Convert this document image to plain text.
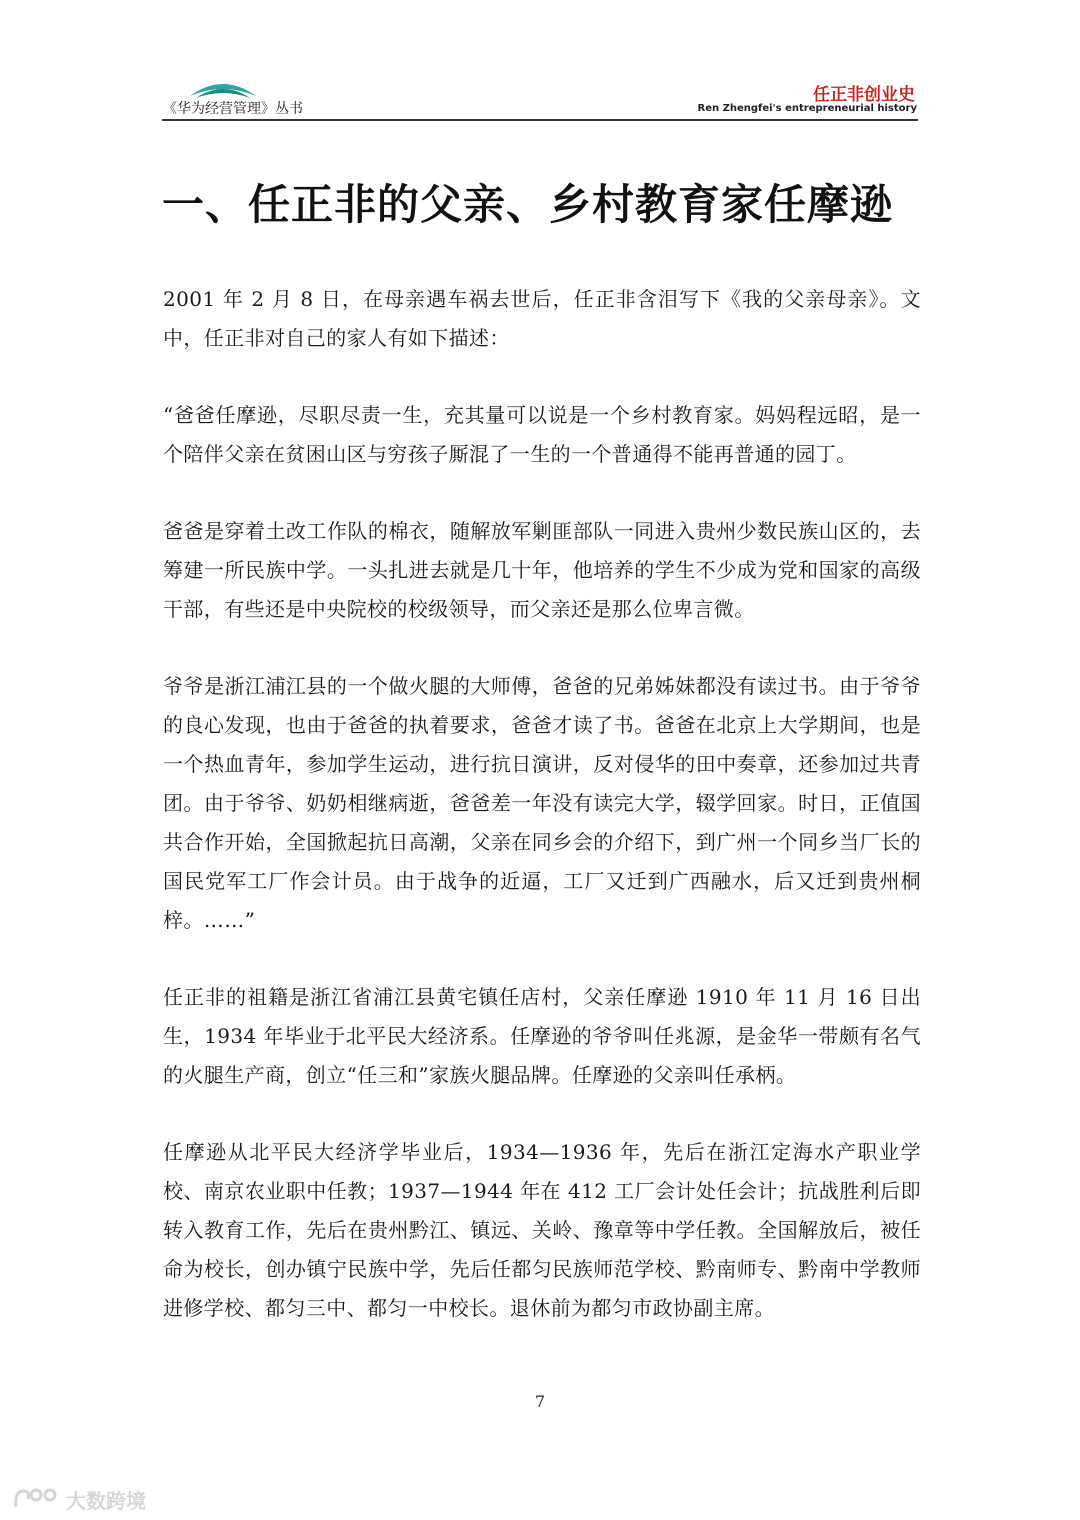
《华为经营管理》丛书
任正非创业史
Ren Zhengfei's entrepreneurial history
一、任正非的父亲、乡村教育家任摩逊

2001 年 2 月 8 日，在母亲遇车祸去世后，任正非含泪写下《我的父亲母亲》。文中，任正非对自己的家人有如下描述：

“爸爸任摩逊，尽职尽责一生，充其量可以说是一个乡村教育家。妈妈程远昭，是一个陪伴父亲在贫困山区与穷孩子厮混了一生的一个普通得不能再普通的园丁。

爸爸是穿着土改工作队的棉衣，随解放军剿匪部队一同进入贵州少数民族山区的，去筹建一所民族中学。一头扎进去就是几十年，他培养的学生不少成为党和国家的高级干部，有些还是中央院校的校级领导，而父亲还是那么位卑言微。

爷爷是浙江浦江县的一个做火腿的大师傅，爸爸的兄弟姊妹都没有读过书。由于爷爷的良心发现，也由于爸爸的执着要求，爸爸才读了书。爸爸在北京上大学期间，也是一个热血青年，参加学生运动，进行抗日演讲，反对侵华的田中奏章，还参加过共青团。由于爷爷、奶奶相继病逝，爸爸差一年没有读完大学，辍学回家。时日，正值国共合作开始，全国掀起抗日高潮，父亲在同乡会的介绍下，到广州一个同乡当厂长的国民党军工厂作会计员。由于战争的近逼，工厂又迁到广西融水，后又迁到贵州桐梓。……”

任正非的祖籍是浙江省浦江县黄宅镇任店村，父亲任摩逊 1910 年 11 月 16 日出生，1934 年毕业于北平民大经济系。任摩逊的爷爷叫任兆源，是金华一带颇有名气的火腿生产商，创立“任三和”家族火腿品牌。任摩逊的父亲叫任承柄。

任摩逊从北平民大经济学毕业后，1934—1936 年，先后在浙江定海水产职业学校、南京农业职中任教；1937—1944 年在 412 工厂会计处任会计；抗战胜利后即转入教育工作，先后在贵州黔江、镇远、关岭、豫章等中学任教。全国解放后，被任命为校长，创办镇宁民族中学，先后任都匀民族师范学校、黔南师专、黔南中学教师进修学校、都匀三中、都匀一中校长。退休前为都匀市政协副主席。

7
大数跨境
